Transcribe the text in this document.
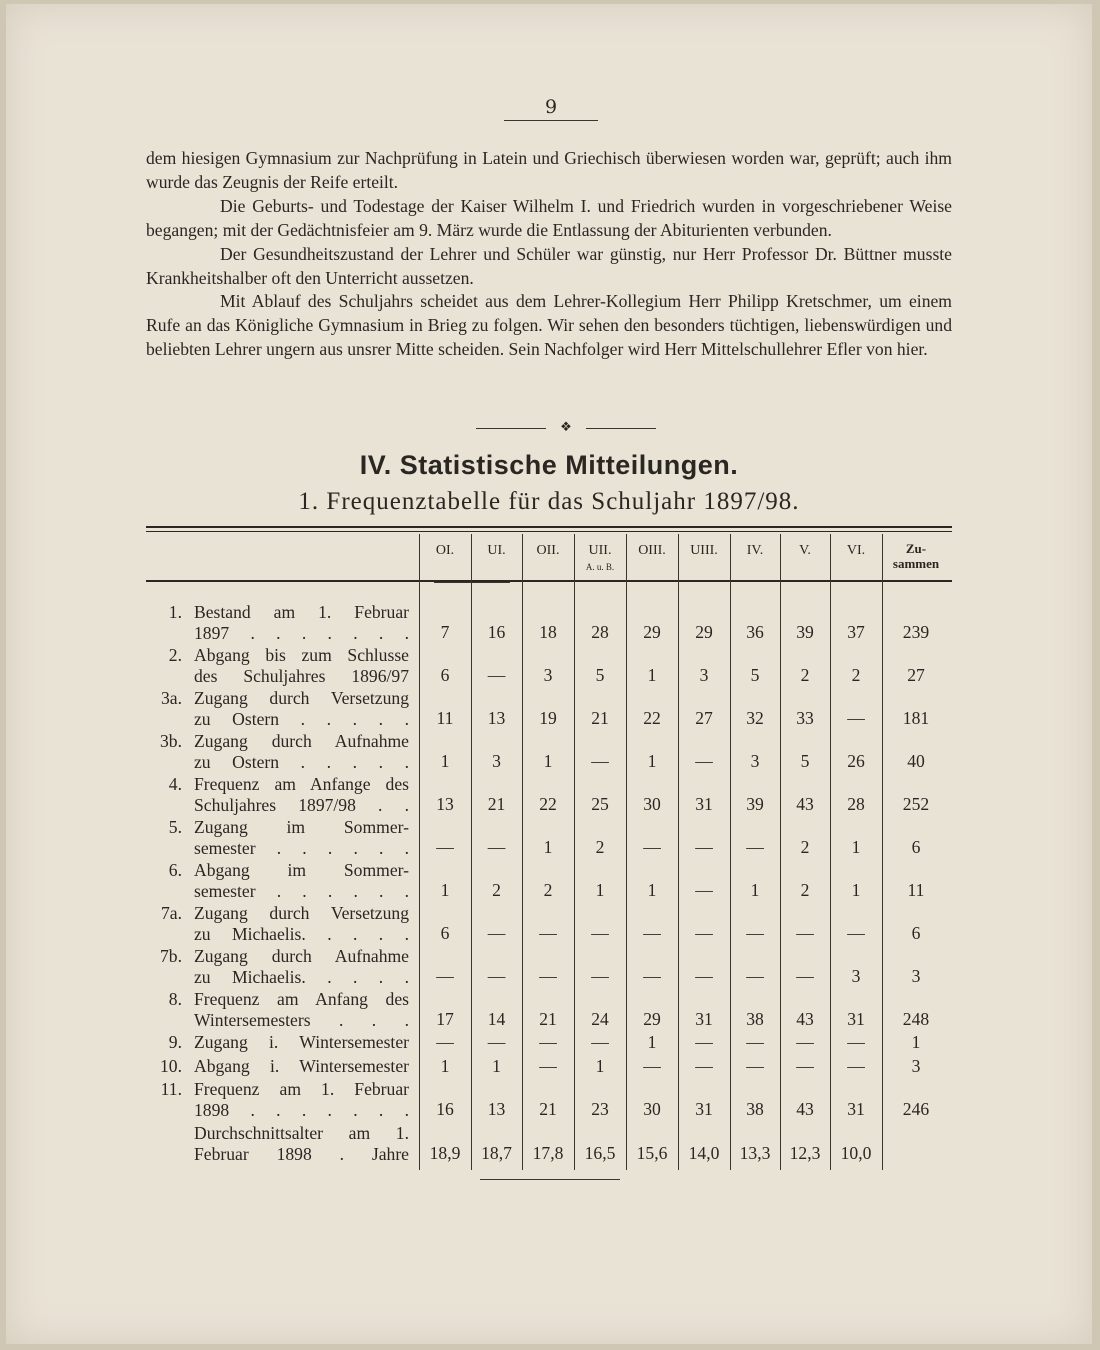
9

dem hiesigen Gymnasium zur Nachprüfung in Latein und Griechisch überwiesen worden war, geprüft; auch ihm wurde das Zeugnis der Reife erteilt.

Die Geburts- und Todestage der Kaiser Wilhelm I. und Friedrich wurden in vorgeschriebener Weise begangen; mit der Gedächtnisfeier am 9. März wurde die Entlassung der Abiturienten verbunden.

Der Gesundheitszustand der Lehrer und Schüler war günstig, nur Herr Professor Dr. Büttner musste Krankheitshalber oft den Unterricht aussetzen.

Mit Ablauf des Schuljahrs scheidet aus dem Lehrer-Kollegium Herr Philipp Kretschmer, um einem Rufe an das Königliche Gymnasium in Brieg zu folgen. Wir sehen den besonders tüchtigen, liebenswürdigen und beliebten Lehrer ungern aus unsrer Mitte scheiden. Sein Nachfolger wird Herr Mittelschullehrer Efler von hier.

❖
IV. Statistische Mitteilungen.
1. Frequenztabelle für das Schuljahr 1897/98.
OI.	UI.	OII.	UII.
A. u. B.
OIII.	UIII.	IV.	V.	VI.	Zu-
sammen
1. Bestand am 1. Februar
1897 . . . . . . .	7	16	18	28	29	29	36	39	37	239
2. Abgang bis zum Schlusse
des Schuljahres 1896/97	6	—	3	5	1	3	5	2	2	27
3a. Zugang durch Versetzung
zu Ostern . . . . .	11	13	19	21	22	27	32	33	—	181
3b. Zugang durch Aufnahme
zu Ostern . . . . .	1	3	1	—	1	—	3	5	26	40
4. Frequenz am Anfange des
Schuljahres 1897/98 . .	13	21	22	25	30	31	39	43	28	252
5. Zugang im Sommer-
semester . . . . . .	—	—	1	2	—	—	—	2	1	6
6. Abgang im Sommer-
semester . . . . . .	1	2	2	1	1	—	1	2	1	11
7a. Zugang durch Versetzung
zu Michaelis. . . . .	6	—	—	—	—	—	—	—	—	6
7b. Zugang durch Aufnahme
zu Michaelis. . . . .	—	—	—	—	—	—	—	—	3	3
8. Frequenz am Anfang des
Wintersemesters . . .	17	14	21	24	29	31	38	43	31	248
9. Zugang i. Wintersemester	—	—	—	—	1	—	—	—	—	1
10. Abgang i. Wintersemester	1	1	—	1	—	—	—	—	—	3
11. Frequenz am 1. Februar
1898 . . . . . . .	16	13	21	23	30	31	38	43	31	246
Durchschnittsalter am 1.
Februar 1898 . Jahre	18,9	18,7	17,8	16,5	15,6	14,0	13,3	12,3	10,0
